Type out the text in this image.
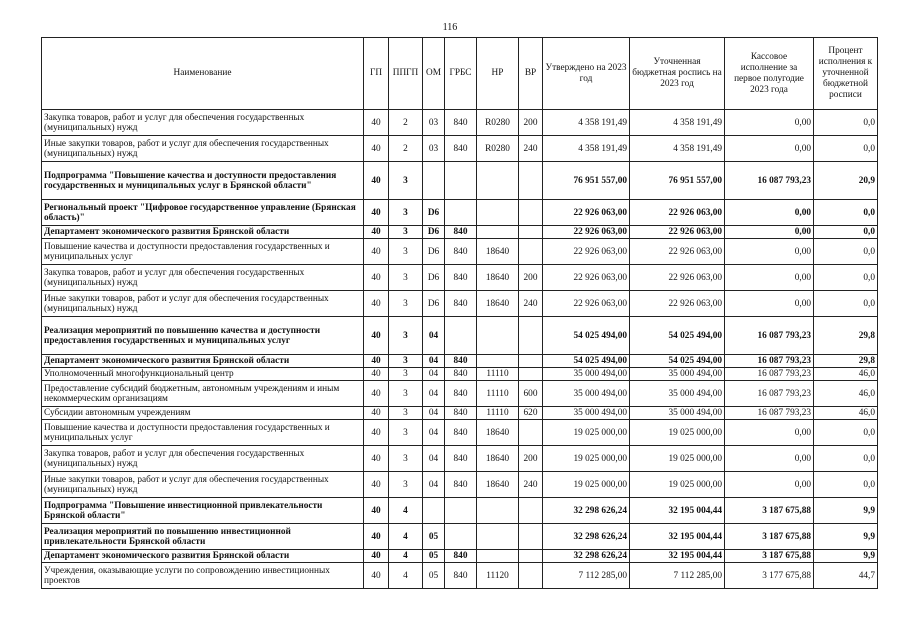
116
Наименование	ГП	ППГП	ОМ	ГРБС	НР	ВР	Утверждено на 2023 год	Уточненная бюджетная роспись на 2023 год	Кассовое исполнение за первое полугодие 2023 года	Процент исполнения к уточненной бюджетной росписи
Закупка товаров, работ и услуг для обеспечения государственных (муниципальных) нужд	40	2	03	840	R0280	200	4 358 191,49	4 358 191,49	0,00	0,0
Иные закупки товаров, работ и услуг для обеспечения государственных (муниципальных) нужд	40	2	03	840	R0280	240	4 358 191,49	4 358 191,49	0,00	0,0
Подпрограмма "Повышение качества и доступности предоставления государственных и муниципальных услуг в Брянской области"	40	3					76 951 557,00	76 951 557,00	16 087 793,23	20,9
Региональный проект "Цифровое государственное управление (Брянская область)"	40	3	D6				22 926 063,00	22 926 063,00	0,00	0,0
Департамент экономического развития Брянской области	40	3	D6	840			22 926 063,00	22 926 063,00	0,00	0,0
Повышение качества и доступности предоставления государственных и муниципальных услуг	40	3	D6	840	18640		22 926 063,00	22 926 063,00	0,00	0,0
Закупка товаров, работ и услуг для обеспечения государственных (муниципальных) нужд	40	3	D6	840	18640	200	22 926 063,00	22 926 063,00	0,00	0,0
Иные закупки товаров, работ и услуг для обеспечения государственных (муниципальных) нужд	40	3	D6	840	18640	240	22 926 063,00	22 926 063,00	0,00	0,0
Реализация мероприятий по повышению качества и доступности предоставления государственных и муниципальных услуг	40	3	04				54 025 494,00	54 025 494,00	16 087 793,23	29,8
Департамент экономического развития Брянской области	40	3	04	840			54 025 494,00	54 025 494,00	16 087 793,23	29,8
Уполномоченный многофункциональный центр	40	3	04	840	11110		35 000 494,00	35 000 494,00	16 087 793,23	46,0
Предоставление субсидий бюджетным, автономным учреждениям и иным некоммерческим организациям	40	3	04	840	11110	600	35 000 494,00	35 000 494,00	16 087 793,23	46,0
Субсидии автономным учреждениям	40	3	04	840	11110	620	35 000 494,00	35 000 494,00	16 087 793,23	46,0
Повышение качества и доступности предоставления государственных и муниципальных услуг	40	3	04	840	18640		19 025 000,00	19 025 000,00	0,00	0,0
Закупка товаров, работ и услуг для обеспечения государственных (муниципальных) нужд	40	3	04	840	18640	200	19 025 000,00	19 025 000,00	0,00	0,0
Иные закупки товаров, работ и услуг для обеспечения государственных (муниципальных) нужд	40	3	04	840	18640	240	19 025 000,00	19 025 000,00	0,00	0,0
Подпрограмма "Повышение инвестиционной привлекательности Брянской области"	40	4					32 298 626,24	32 195 004,44	3 187 675,88	9,9
Реализация мероприятий по повышению инвестиционной привлекательности Брянской области	40	4	05				32 298 626,24	32 195 004,44	3 187 675,88	9,9
Департамент экономического развития Брянской области	40	4	05	840			32 298 626,24	32 195 004,44	3 187 675,88	9,9
Учреждения, оказывающие услуги по сопровождению инвестиционных проектов	40	4	05	840	11120		7 112 285,00	7 112 285,00	3 177 675,88	44,7
